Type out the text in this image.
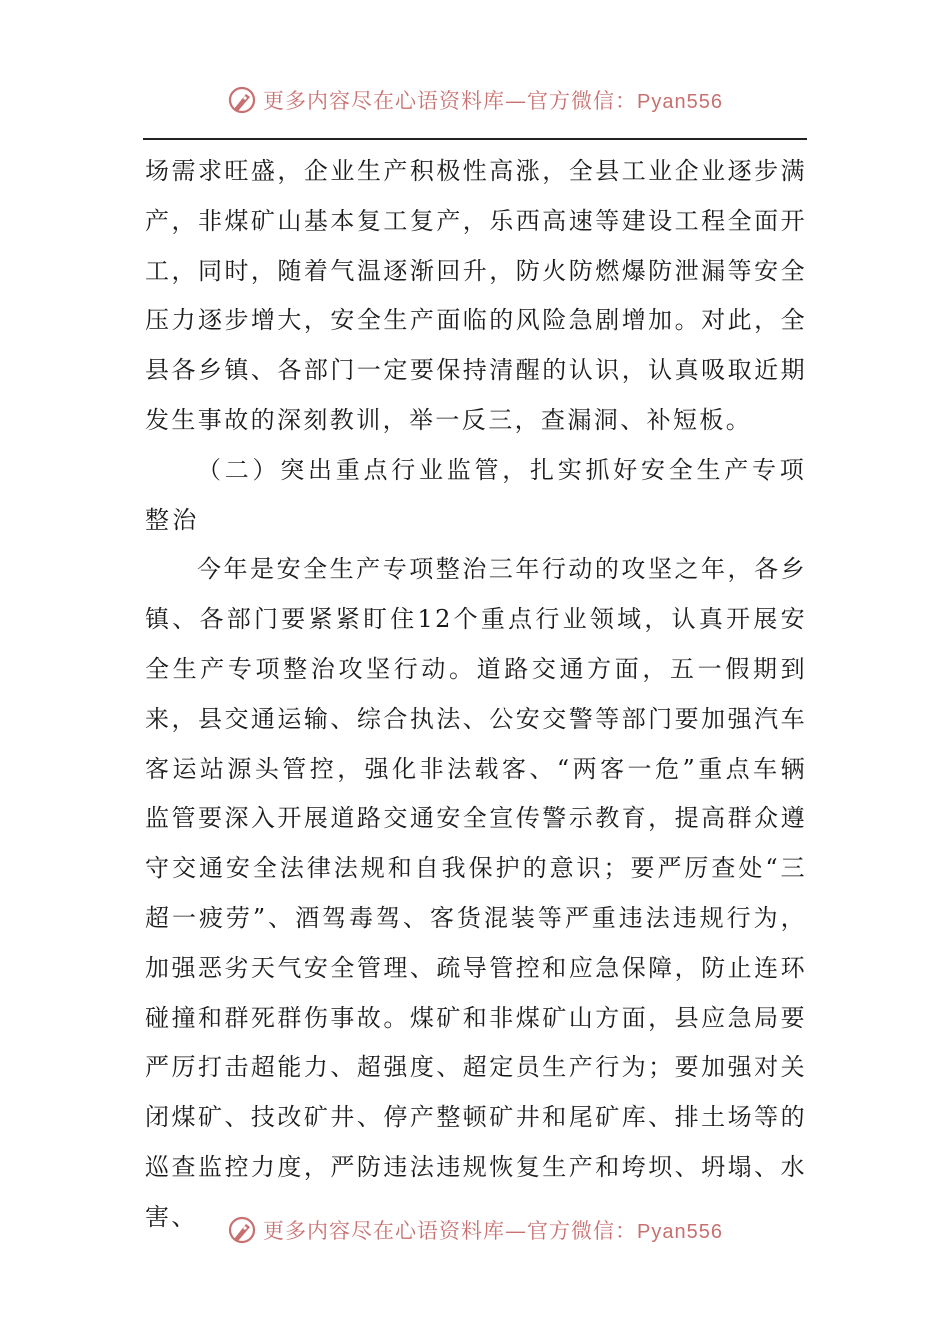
更多内容尽在心语资料库—官方微信：Pyan556

场需求旺盛，企业生产积极性高涨，全县工业企业逐步满产，非煤矿山基本复工复产，乐西高速等建设工程全面开工，同时，随着气温逐渐回升，防火防燃爆防泄漏等安全压力逐步增大，安全生产面临的风险急剧增加。对此，全县各乡镇、各部门一定要保持清醒的认识，认真吸取近期发生事故的深刻教训，举一反三，查漏洞、补短板。

（二）突出重点行业监管，扎实抓好安全生产专项整治

今年是安全生产专项整治三年行动的攻坚之年，各乡镇、各部门要紧紧盯住12个重点行业领域，认真开展安全生产专项整治攻坚行动。道路交通方面，五一假期到来，县交通运输、综合执法、公安交警等部门要加强汽车客运站源头管控，强化非法载客、“两客一危”重点车辆监管要深入开展道路交通安全宣传警示教育，提高群众遵守交通安全法律法规和自我保护的意识；要严厉查处“三超一疲劳”、酒驾毒驾、客货混装等严重违法违规行为，加强恶劣天气安全管理、疏导管控和应急保障，防止连环碰撞和群死群伤事故。煤矿和非煤矿山方面，县应急局要严厉打击超能力、超强度、超定员生产行为；要加强对关闭煤矿、技改矿井、停产整顿矿井和尾矿库、排土场等的巡查监控力度，严防违法违规恢复生产和垮坝、坍塌、水害、

更多内容尽在心语资料库—官方微信：Pyan556
